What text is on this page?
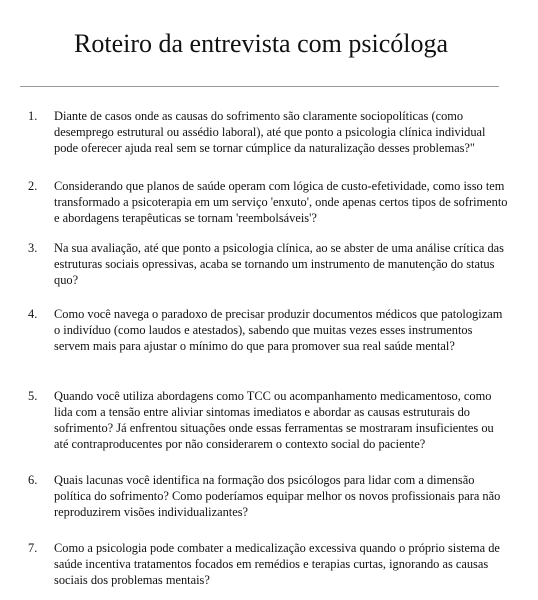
Roteiro da entrevista com psicóloga
1.	Diante de casos onde as causas do sofrimento são claramente sociopolíticas (como desemprego estrutural ou assédio laboral), até que ponto a psicologia clínica individual pode oferecer ajuda real sem se tornar cúmplice da naturalização desses problemas?"
2.	Considerando que planos de saúde operam com lógica de custo-efetividade, como isso tem transformado a psicoterapia em um serviço 'enxuto', onde apenas certos tipos de sofrimento e abordagens terapêuticas se tornam 'reembolsáveis'?
3.	Na sua avaliação, até que ponto a psicologia clínica, ao se abster de uma análise crítica das estruturas sociais opressivas, acaba se tornando um instrumento de manutenção do status quo?
4.	Como você navega o paradoxo de precisar produzir documentos médicos que patologizam o indivíduo (como laudos e atestados), sabendo que muitas vezes esses instrumentos servem mais para ajustar o mínimo do que para promover sua real saúde mental?
5.	Quando você utiliza abordagens como TCC ou acompanhamento medicamentoso, como lida com a tensão entre aliviar sintomas imediatos e abordar as causas estruturais do sofrimento? Já enfrentou situações onde essas ferramentas se mostraram insuficientes ou até contraproducentes por não considerarem o contexto social do paciente?
6.	Quais lacunas você identifica na formação dos psicólogos para lidar com a dimensão política do sofrimento? Como poderíamos equipar melhor os novos profissionais para não reproduzirem visões individualizantes?
7.	Como a psicologia pode combater a medicalização excessiva quando o próprio sistema de saúde incentiva tratamentos focados em remédios e terapias curtas, ignorando as causas sociais dos problemas mentais?
